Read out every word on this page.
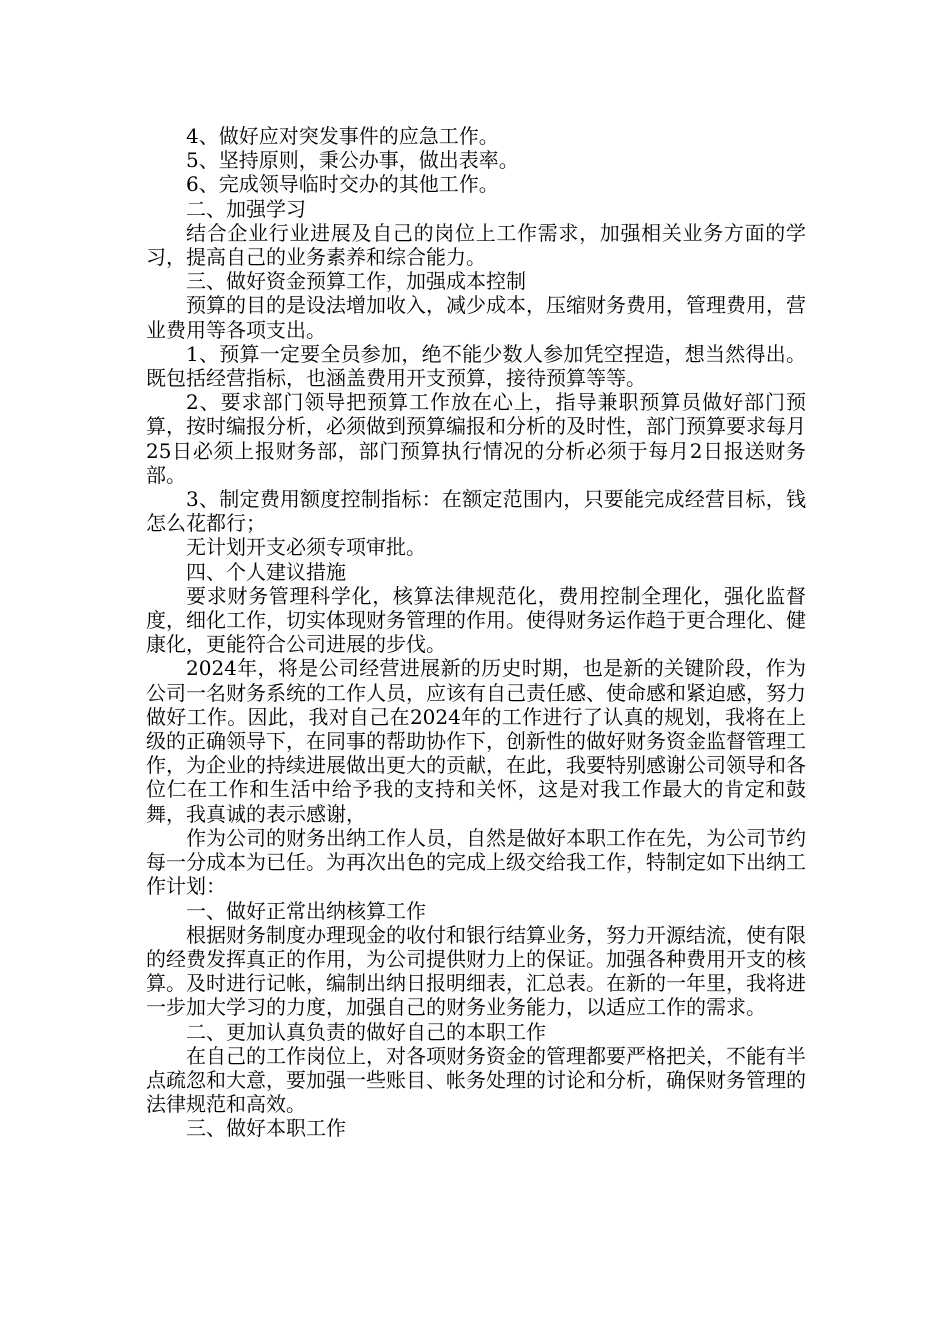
4、做好应对突发事件的应急工作。

5、坚持原则，秉公办事，做出表率。

6、完成领导临时交办的其他工作。

二、加强学习

结合企业行业进展及自己的岗位上工作需求，加强相关业务方面的学习，提高自己的业务素养和综合能力。

三、做好资金预算工作，加强成本控制

预算的目的是设法增加收入，减少成本，压缩财务费用，管理费用，营业费用等各项支出。

1、预算一定要全员参加，绝不能少数人参加凭空捏造，想当然得出。既包括经营指标，也涵盖费用开支预算，接待预算等等。

2、要求部门领导把预算工作放在心上，指导兼职预算员做好部门预算，按时编报分析，必须做到预算编报和分析的及时性，部门预算要求每月25日必须上报财务部，部门预算执行情况的分析必须于每月2日报送财务部。

3、制定费用额度控制指标：在额定范围内，只要能完成经营目标，钱怎么花都行；

无计划开支必须专项审批。

四、个人建议措施

要求财务管理科学化，核算法律规范化，费用控制全理化，强化监督度，细化工作，切实体现财务管理的作用。使得财务运作趋于更合理化、健康化，更能符合公司进展的步伐。

2024年，将是公司经营进展新的历史时期，也是新的关键阶段，作为公司一名财务系统的工作人员，应该有自己责任感、使命感和紧迫感，努力做好工作。因此，我对自己在2024年的工作进行了认真的规划，我将在上级的正确领导下，在同事的帮助协作下，创新性的做好财务资金监督管理工作，为企业的持续进展做出更大的贡献，在此，我要特别感谢公司领导和各位仁在工作和生活中给予我的支持和关怀，这是对我工作最大的肯定和鼓舞，我真诚的表示感谢，

作为公司的财务出纳工作人员，自然是做好本职工作在先，为公司节约每一分成本为已任。为再次出色的完成上级交给我工作，特制定如下出纳工作计划：

一、做好正常出纳核算工作

根据财务制度办理现金的收付和银行结算业务，努力开源结流，使有限的经费发挥真正的作用，为公司提供财力上的保证。加强各种费用开支的核算。及时进行记帐，编制出纳日报明细表，汇总表。在新的一年里，我将进一步加大学习的力度，加强自己的财务业务能力，以适应工作的需求。

二、更加认真负责的做好自己的本职工作

在自己的工作岗位上，对各项财务资金的管理都要严格把关，不能有半点疏忽和大意，要加强一些账目、帐务处理的讨论和分析，确保财务管理的法律规范和高效。

三、做好本职工作
